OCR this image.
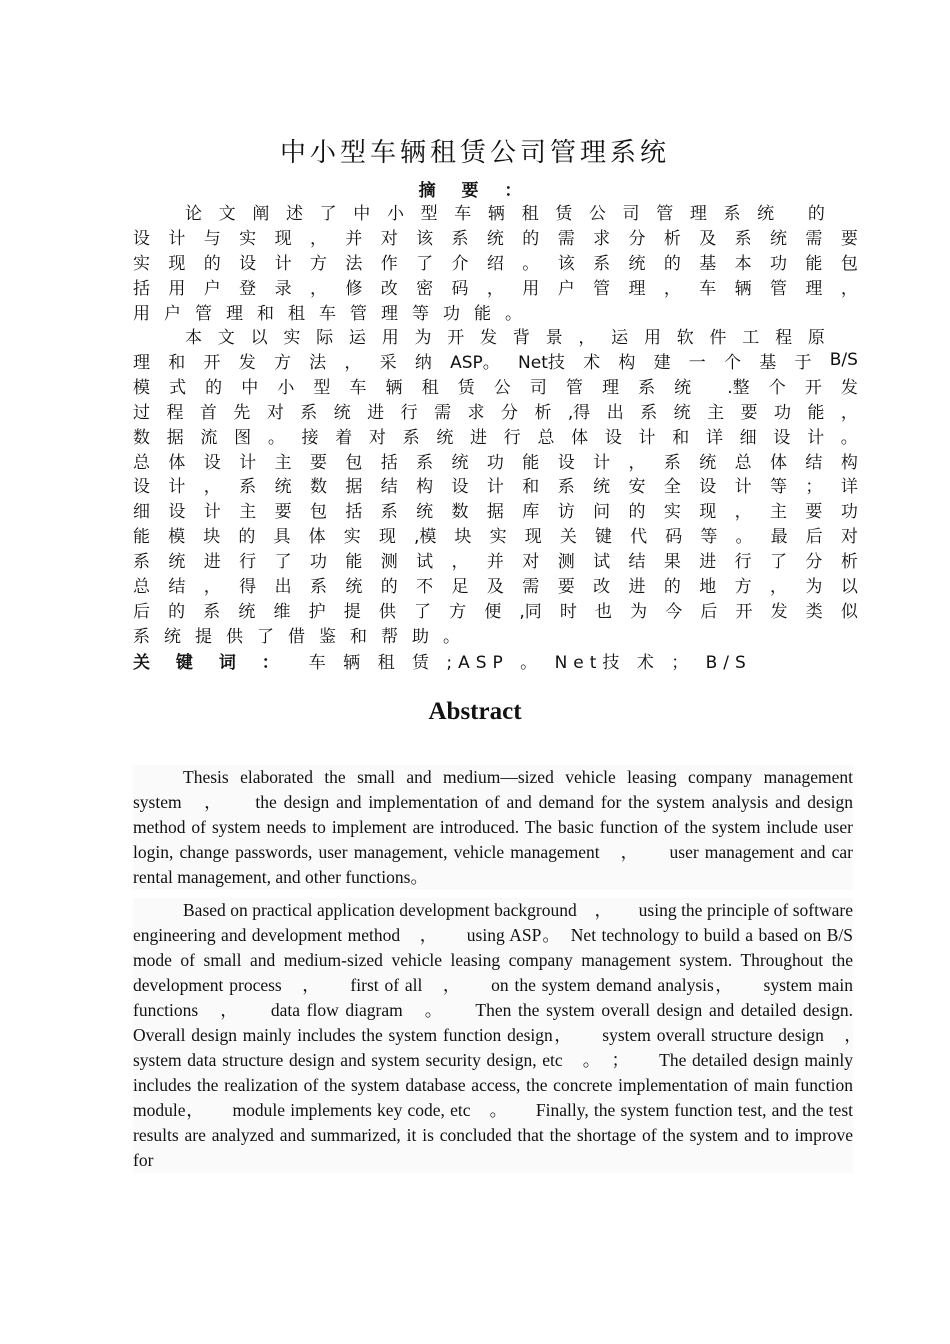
中小型车辆租赁公司管理系统
摘 要 ：
论 文 阐 述 了 中 小 型 车 辆 租 赁 公 司 管 理 系 统　 的
设 计 与 实 现 ， 并 对 该 系 统 的 需 求 分 析 及 系 统 需 要
实 现 的 设 计 方 法 作 了 介 绍 。 该 系 统 的 基 本 功 能 包
括 用 户 登 录 ， 修 改 密 码 ， 用 户 管 理 ， 车 辆 管 理 ，
用 户 管 理 和 租 车 管 理 等 功 能 。
本 文 以 实 际 运 用 为 开 发 背 景 ， 运 用 软 件 工 程 原
理 和 开 发 方 法 ， 采 纳 ASP。 Net技 术 构 建 一 个 基 于 B/S
模 式 的 中 小 型 车 辆 租 赁 公 司 管 理 系 统　 .整 个 开 发
过 程 首 先 对 系 统 进 行 需 求 分 析 ,得 出 系 统 主 要 功 能 ，
数 据 流 图 。 接 着 对 系 统 进 行 总 体 设 计 和 详 细 设 计 。
总 体 设 计 主 要 包 括 系 统 功 能 设 计 ， 系 统 总 体 结 构
设 计 ， 系 统 数 据 结 构 设 计 和 系 统 安 全 设 计 等 ； 详
细 设 计 主 要 包 括 系 统 数 据 库 访 问 的 实 现 ， 主 要 功
能 模 块 的 具 体 实 现 ,模 块 实 现 关 键 代 码 等 。 最 后 对
系 统 进 行 了 功 能 测 试 ， 并 对 测 试 结 果 进 行 了 分 析
总 结 ， 得 出 系 统 的 不 足 及 需 要 改 进 的 地 方 ， 为 以
后 的 系 统 维 护 提 供 了 方 便 ,同 时 也 为 今 后 开 发 类 似
系 统 提 供 了 借 鉴 和 帮 助 。
关 键 词 ： 车 辆 租 赁 ;ASP 。 Net技 术 ； B/S
Abstract

Thesis elaborated the small and medium—sized vehicle leasing company management system　，　　the design and implementation of and demand for the system analysis and design method of system needs to implement are introduced. The basic function of the system include user login, change passwords, user management, vehicle management　，　　user management and car rental management, and other functions。

Based on practical application development background　，　　using the principle of software engineering and development method　，　　using ASP。　Net technology to build a based on B/S mode of small and medium-sized vehicle leasing company management system. Throughout the development process　，　　first of all　，　　on the system demand analysis，　　system main functions　，　　data flow diagram　。　　Then the system overall design and detailed design. Overall design mainly includes the system function design，　　system overall structure design　，　　system data structure design and system security design, etc　。　；　　The detailed design mainly includes the realization of the system database access, the concrete implementation of main function module，　　module implements key code, etc　。　　Finally, the system function test, and the test results are analyzed and summarized, it is concluded that the shortage of the system and to improve for
